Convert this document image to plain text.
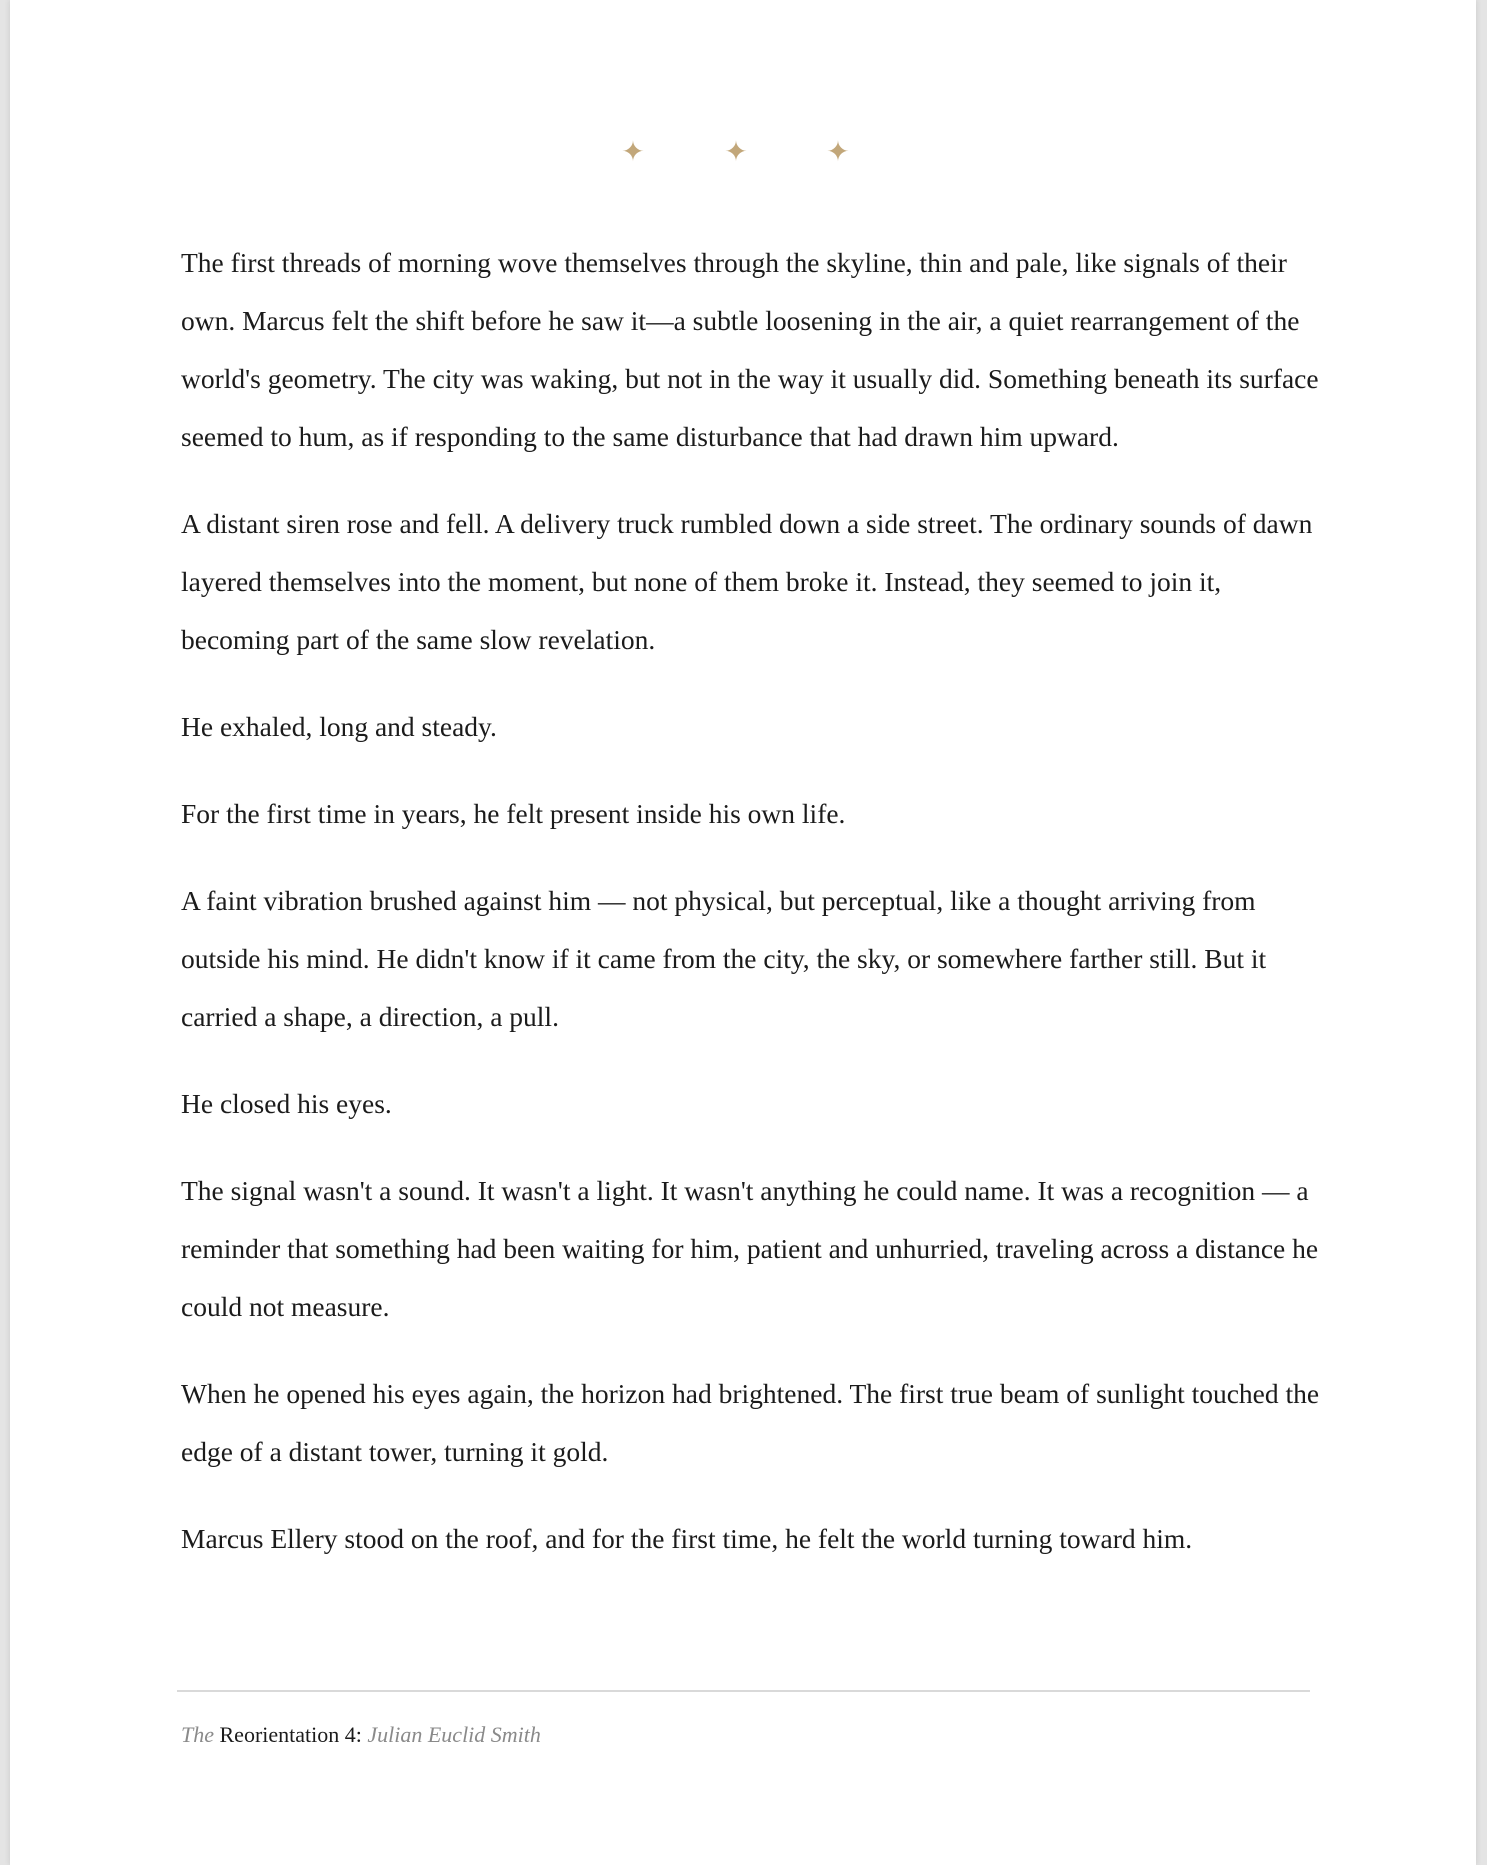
✦	✦	✦

The first threads of morning wove themselves through the skyline, thin and pale, like signals of their own. Marcus felt the shift before he saw it—a subtle loosening in the air, a quiet rearrangement of the world's geometry. The city was waking, but not in the way it usually did. Something beneath its surface seemed to hum, as if responding to the same disturbance that had drawn him upward.

A distant siren rose and fell. A delivery truck rumbled down a side street. The ordinary sounds of dawn layered themselves into the moment, but none of them broke it. Instead, they seemed to join it, becoming part of the same slow revelation.

He exhaled, long and steady.

For the first time in years, he felt present inside his own life.

A faint vibration brushed against him — not physical, but perceptual, like a thought arriving from outside his mind. He didn't know if it came from the city, the sky, or somewhere farther still. But it carried a shape, a direction, a pull.

He closed his eyes.

The signal wasn't a sound. It wasn't a light. It wasn't anything he could name. It was a recognition — a reminder that something had been waiting for him, patient and unhurried, traveling across a distance he could not measure.

When he opened his eyes again, the horizon had brightened. The first true beam of sunlight touched the edge of a distant tower, turning it gold.

Marcus Ellery stood on the roof, and for the first time, he felt the world turning toward him.

The Reorientation 4: Julian Euclid Smith
